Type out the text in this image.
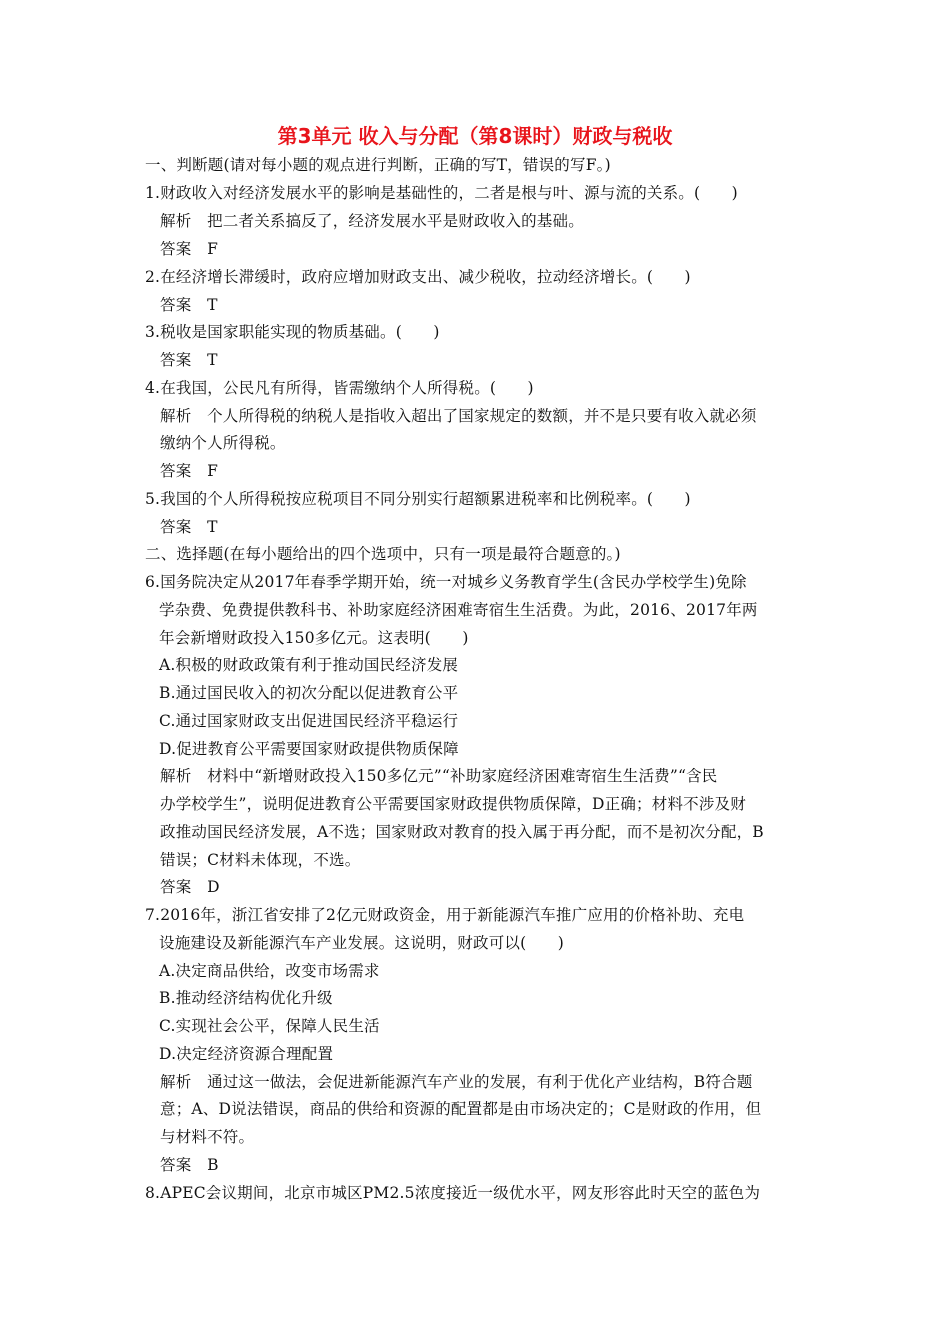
第3单元 收入与分配（第8课时）财政与税收
一、判断题(请对每小题的观点进行判断，正确的写T，错误的写F。)
1.财政收入对经济发展水平的影响是基础性的，二者是根与叶、源与流的关系。(　　)
解析　把二者关系搞反了，经济发展水平是财政收入的基础。
答案　F
2.在经济增长滞缓时，政府应增加财政支出、减少税收，拉动经济增长。(　　)
答案　T
3.税收是国家职能实现的物质基础。(　　)
答案　T
4.在我国，公民凡有所得，皆需缴纳个人所得税。(　　)
解析　个人所得税的纳税人是指收入超出了国家规定的数额，并不是只要有收入就必须
缴纳个人所得税。
答案　F
5.我国的个人所得税按应税项目不同分别实行超额累进税率和比例税率。(　　)
答案　T
二、选择题(在每小题给出的四个选项中，只有一项是最符合题意的。)
6.国务院决定从2017年春季学期开始，统一对城乡义务教育学生(含民办学校学生)免除
学杂费、免费提供教科书、补助家庭经济困难寄宿生生活费。为此，2016、2017年两
年会新增财政投入150多亿元。这表明(　　)
A.积极的财政政策有利于推动国民经济发展
B.通过国民收入的初次分配以促进教育公平
C.通过国家财政支出促进国民经济平稳运行
D.促进教育公平需要国家财政提供物质保障
解析　材料中“新增财政投入150多亿元”“补助家庭经济困难寄宿生生活费”“含民
办学校学生”，说明促进教育公平需要国家财政提供物质保障，D正确；材料不涉及财
政推动国民经济发展，A不选；国家财政对教育的投入属于再分配，而不是初次分配，B
错误；C材料未体现，不选。
答案　D
7.2016年，浙江省安排了2亿元财政资金，用于新能源汽车推广应用的价格补助、充电
设施建设及新能源汽车产业发展。这说明，财政可以(　　)
A.决定商品供给，改变市场需求
B.推动经济结构优化升级
C.实现社会公平，保障人民生活
D.决定经济资源合理配置
解析　通过这一做法，会促进新能源汽车产业的发展，有利于优化产业结构，B符合题
意；A、D说法错误，商品的供给和资源的配置都是由市场决定的；C是财政的作用，但
与材料不符。
答案　B
8.APEC会议期间，北京市城区PM2.5浓度接近一级优水平，网友形容此时天空的蓝色为
